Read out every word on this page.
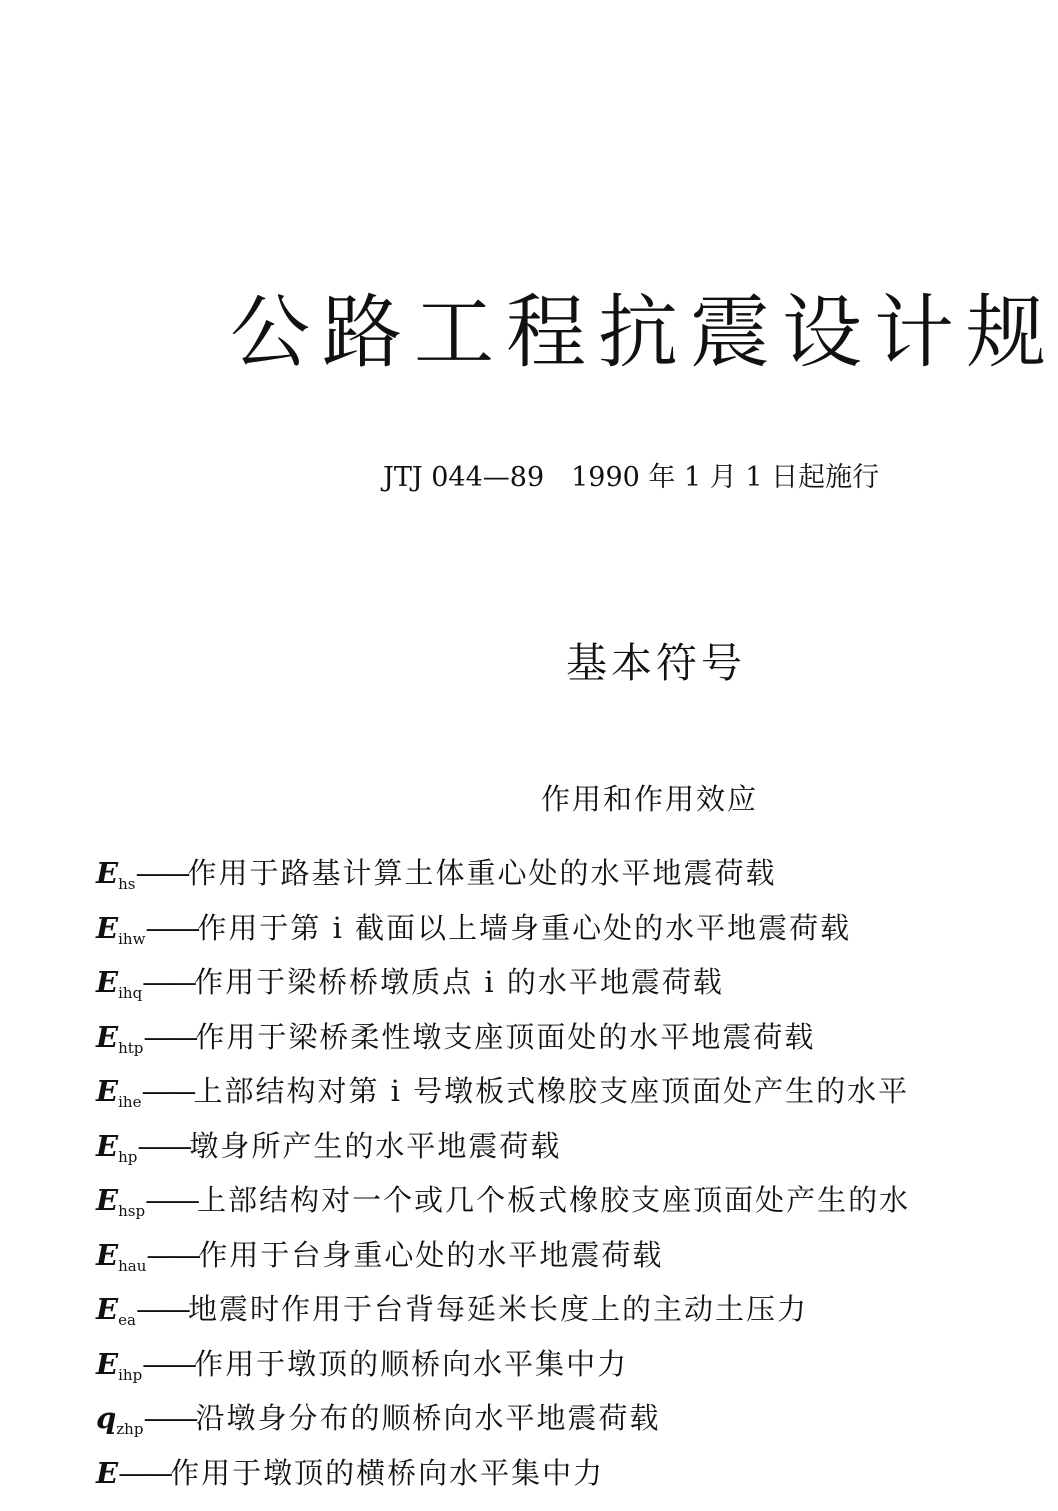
公路工程抗震设计规
JTJ 044—89　1990 年 1 月 1 日起施行
基本符号
作用和作用效应
$E_{hs}——$作用于路基计算土体重心处的水平地震荷载
$E_{ihw}——$作用于第 i 截面以上墙身重心处的水平地震荷载
$E_{ihq}——$作用于梁桥桥墩质点 i 的水平地震荷载
$E_{htp}——$作用于梁桥柔性墩支座顶面处的水平地震荷载
$E_{ihe}——$上部结构对第 i 号墩板式橡胶支座顶面处产生的水平
$E_{hp}——$墩身所产生的水平地震荷载
$E_{hsp}——$上部结构对一个或几个板式橡胶支座顶面处产生的水
$E_{hau}——$作用于台身重心处的水平地震荷载
$E_{ea}——$地震时作用于台背每延米长度上的主动土压力
$E_{ihp}——$作用于墩顶的顺桥向水平集中力
$q_{zhp}——$沿墩身分布的顺桥向水平地震荷载
E——作用于墩顶的横桥向水平集中力
